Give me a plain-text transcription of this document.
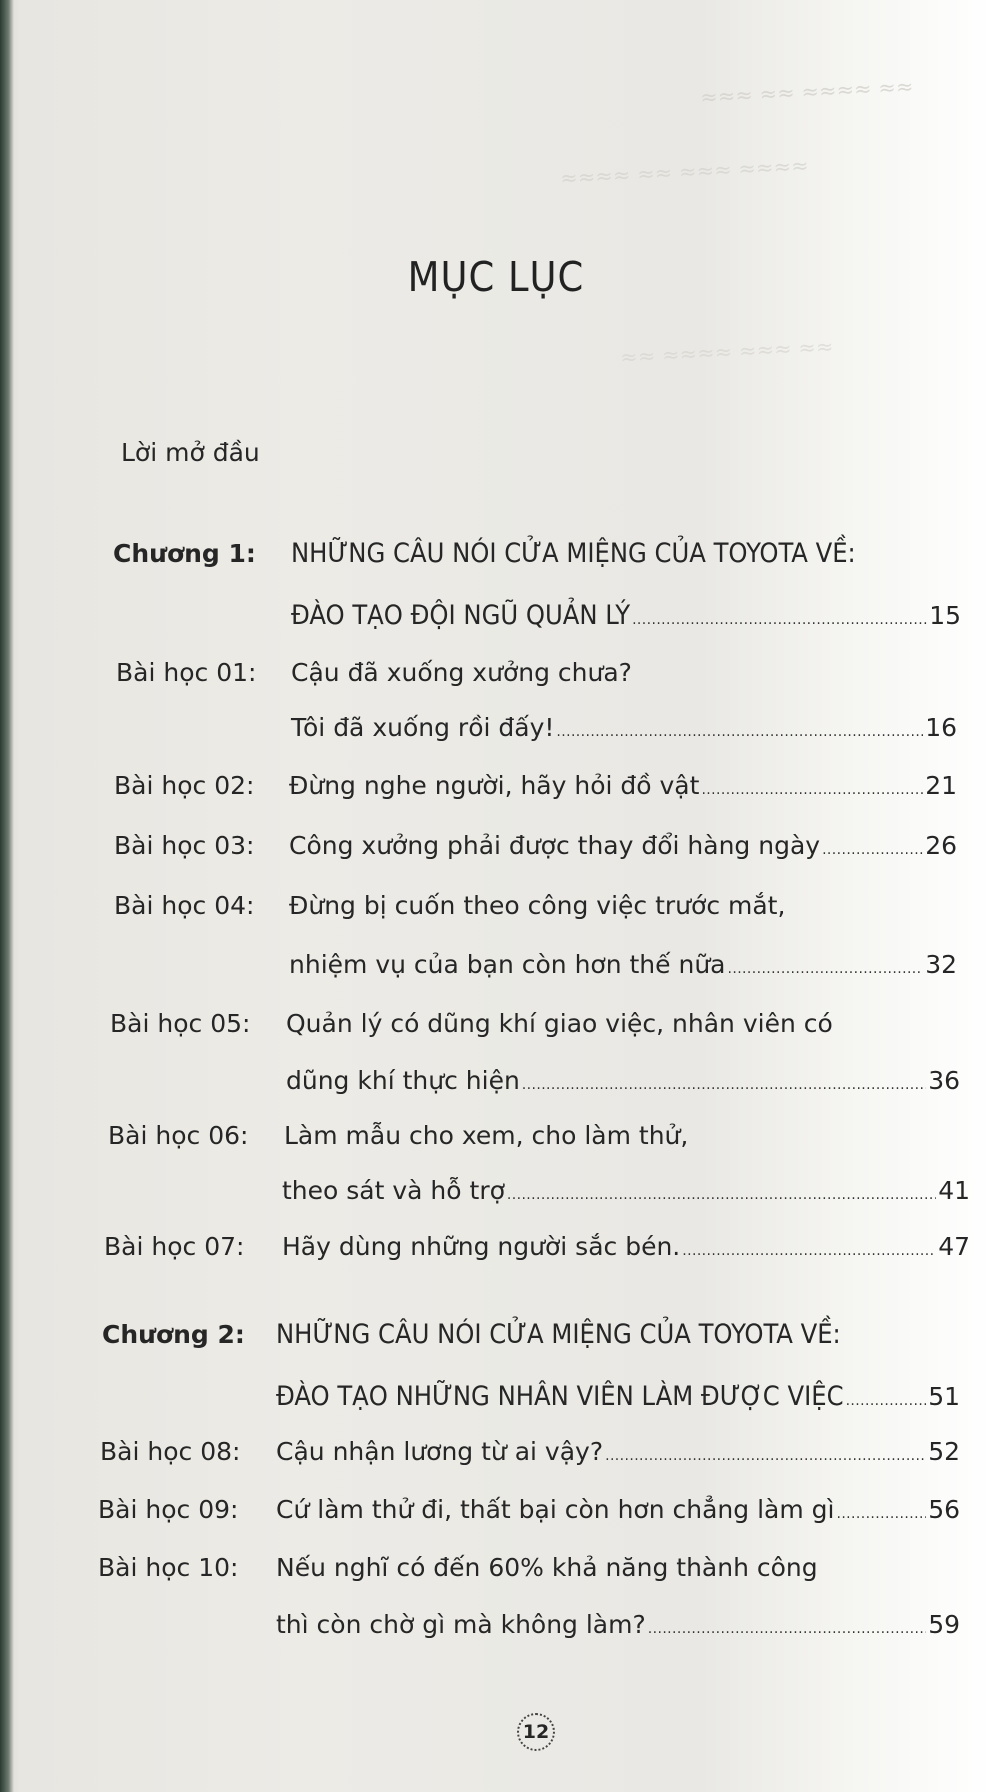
≈≈≈ ≈≈ ≈≈≈≈ ≈≈
≈≈≈≈ ≈≈ ≈≈≈ ≈≈≈≈
≈≈ ≈≈≈≈ ≈≈≈ ≈≈
MỤC LỤC
Lời mở đầu
Chương 1:	NHỮNG CÂU NÓI CỬA MIỆNG CỦA TOYOTA VỀ:
ĐÀO TẠO ĐỘI NGŨ QUẢN LÝ .....	15
Bài học 01:	Cậu đã xuống xưởng chưa?
Tôi đã xuống rồi đấy! .....	16
Bài học 02:	Đừng nghe người, hãy hỏi đồ vật .....	21
Bài học 03:	Công xưởng phải được thay đổi hàng ngày .....	26
Bài học 04:	Đừng bị cuốn theo công việc trước mắt,
nhiệm vụ của bạn còn hơn thế nữa .....	32
Bài học 05:	Quản lý có dũng khí giao việc, nhân viên có
dũng khí thực hiện .....	36
Bài học 06:	Làm mẫu cho xem, cho làm thử,
theo sát và hỗ trợ .....	41
Bài học 07:	Hãy dùng những người sắc bén. .....	47
Chương 2:	NHỮNG CÂU NÓI CỬA MIỆNG CỦA TOYOTA VỀ:
ĐÀO TẠO NHỮNG NHÂN VIÊN LÀM ĐƯỢC VIỆC .....	51
Bài học 08:	Cậu nhận lương từ ai vậy? .....	52
Bài học 09:	Cứ làm thử đi, thất bại còn hơn chẳng làm gì .....	56
Bài học 10:	Nếu nghĩ có đến 60% khả năng thành công
thì còn chờ gì mà không làm? .....	59
12
